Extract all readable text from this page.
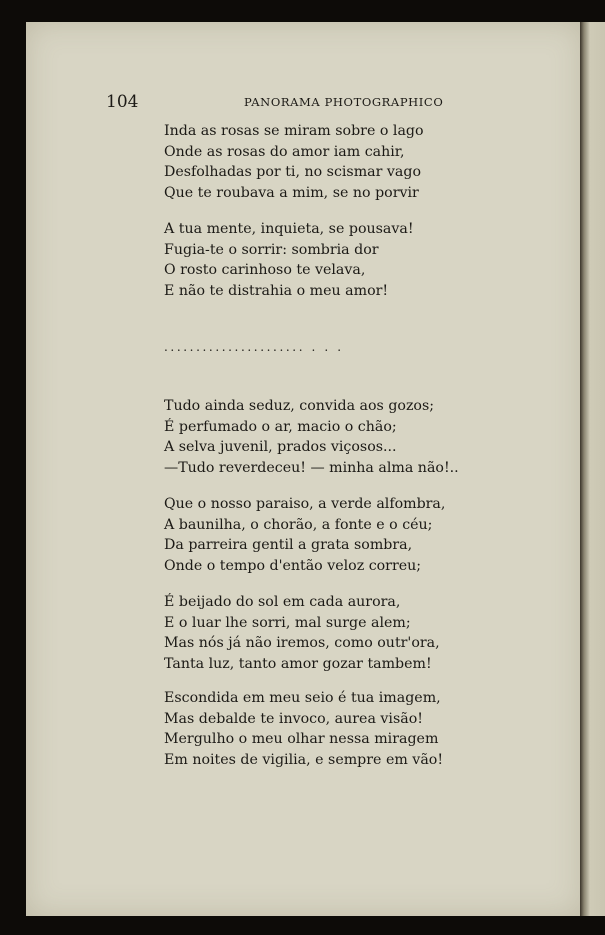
104	PANORAMA PHOTOGRAPHICO
Inda as rosas se miram sobre o lago
Onde as rosas do amor iam cahir,
Desfolhadas por ti, no scismar vago
Que te roubava a mim, se no porvir
A tua mente, inquieta, se pousava!
Fugia-te o sorrir: sombria dor
O rosto carinhoso te velava,
E não te distrahia o meu amor!
...................... . . .
Tudo ainda seduz, convida aos gozos;
É perfumado o ar, macio o chão;
A selva juvenil, prados viçosos...
—Tudo reverdeceu! — minha alma não!..
Que o nosso paraiso, a verde alfombra,
A baunilha, o chorão, a fonte e o céu;
Da parreira gentil a grata sombra,
Onde o tempo d'então veloz correu;
É beijado do sol em cada aurora,
E o luar lhe sorri, mal surge alem;
Mas nós já não iremos, como outr'ora,
Tanta luz, tanto amor gozar tambem!
Escondida em meu seio é tua imagem,
Mas debalde te invoco, aurea visão!
Mergulho o meu olhar nessa miragem
Em noites de vigilia, e sempre em vão!
